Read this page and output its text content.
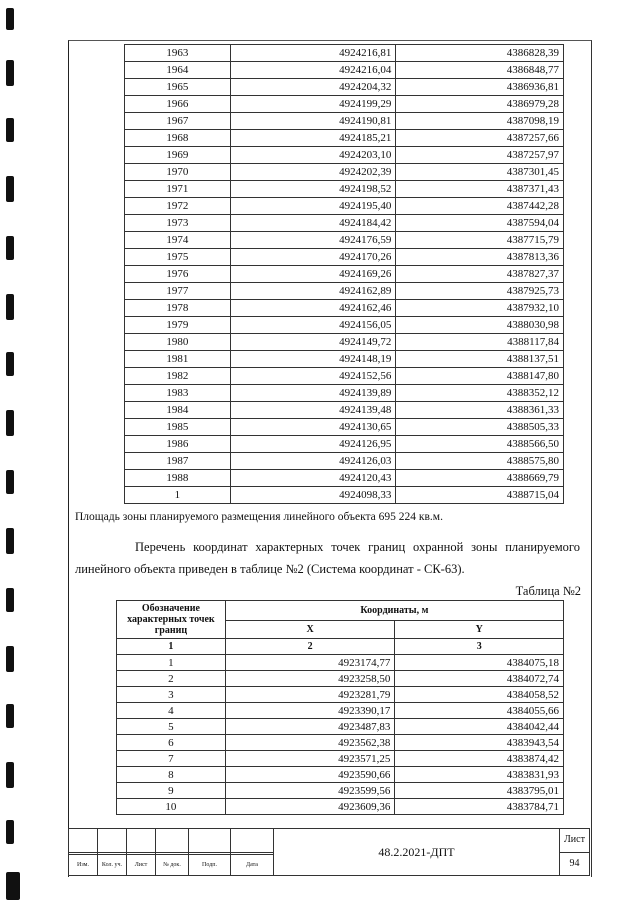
1963	4924216,81	4386828,39
1964	4924216,04	4386848,77
1965	4924204,32	4386936,81
1966	4924199,29	4386979,28
1967	4924190,81	4387098,19
1968	4924185,21	4387257,66
1969	4924203,10	4387257,97
1970	4924202,39	4387301,45
1971	4924198,52	4387371,43
1972	4924195,40	4387442,28
1973	4924184,42	4387594,04
1974	4924176,59	4387715,79
1975	4924170,26	4387813,36
1976	4924169,26	4387827,37
1977	4924162,89	4387925,73
1978	4924162,46	4387932,10
1979	4924156,05	4388030,98
1980	4924149,72	4388117,84
1981	4924148,19	4388137,51
1982	4924152,56	4388147,80
1983	4924139,89	4388352,12
1984	4924139,48	4388361,33
1985	4924130,65	4388505,33
1986	4924126,95	4388566,50
1987	4924126,03	4388575,80
1988	4924120,43	4388669,79
1	4924098,33	4388715,04
Площадь зоны планируемого размещения линейного объекта 695 224 кв.м.
Перечень координат характерных точек границ охранной зоны планируемого линейного объекта приведен в таблице №2 (Система координат - СК-63).
Таблица №2
Обозначение характерных точек границ	Координаты, м	
	X	Y
1	2	3
1	4923174,77	4384075,18
2	4923258,50	4384072,74
3	4923281,79	4384058,52
4	4923390,17	4384055,66
5	4923487,83	4384042,44
6	4923562,38	4383943,54
7	4923571,25	4383874,42
8	4923590,66	4383831,93
9	4923599,56	4383795,01
10	4923609,36	4383784,71
						48.2.2021-ДПТ	Лист
							94
Изм.	Кол. уч.	Лист	№ док.	Подп.	Дата		
